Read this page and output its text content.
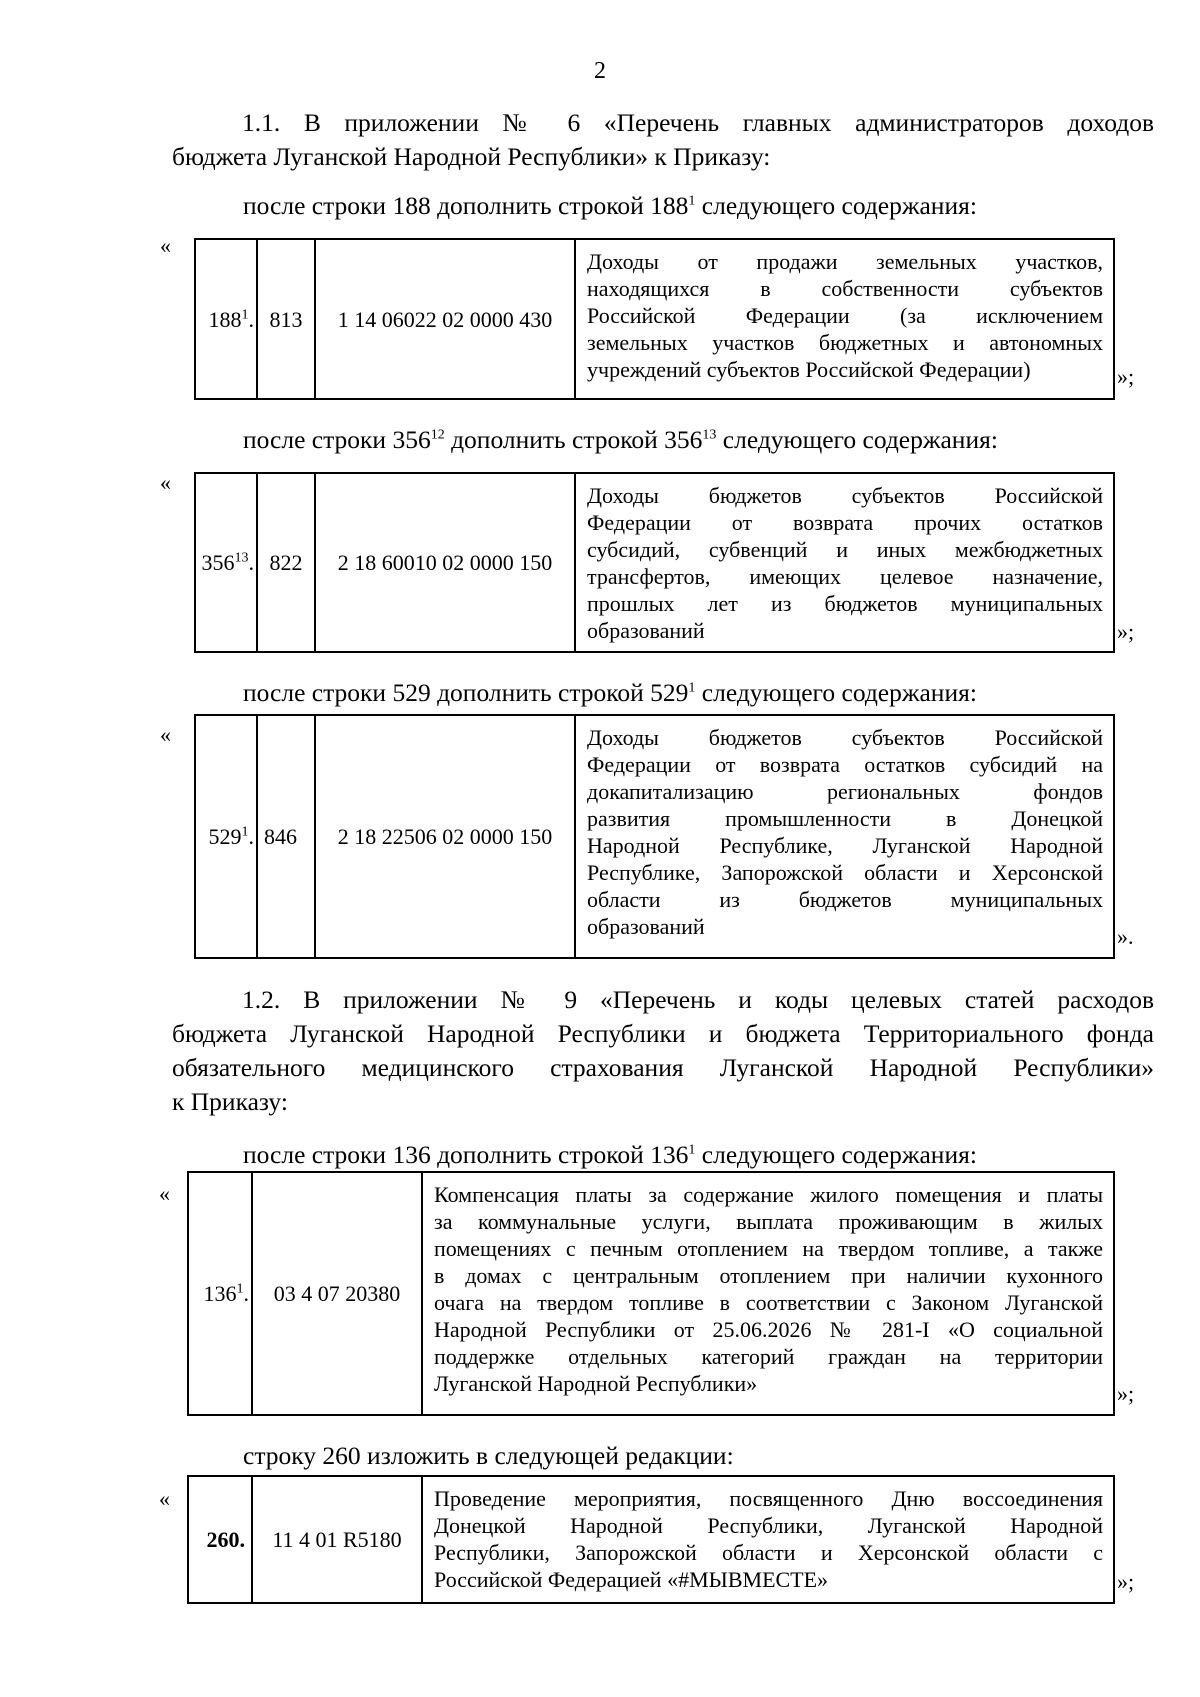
2
1.1. В приложении № 6 «Перечень главных администраторов доходов
бюджета Луганской Народной Республики» к Приказу:
после строки 188 дополнить строкой $188^1$ следующего содержания:
«
$188^1$.	813	1 14 06022 02 0000 430	
Доходы от продажи земельных участков,
находящихся в собственности субъектов
Российской Федерации (за исключением
земельных участков бюджетных и автономных
учреждений субъектов Российской Федерации)	»;
после строки $356^{12}$ дополнить строкой $356^{13}$ следующего содержания:
«
$356^{13}$.	822	2 18 60010 02 0000 150	
Доходы бюджетов субъектов Российской
Федерации от возврата прочих остатков
субсидий, субвенций и иных межбюджетных
трансфертов, имеющих целевое назначение,
прошлых лет из бюджетов муниципальных
образований	»;
после строки 529 дополнить строкой $529^1$ следующего содержания:
«
$529^1$.	846	2 18 22506 02 0000 150	
Доходы бюджетов субъектов Российской
Федерации от возврата остатков субсидий на
докапитализацию региональных фондов
развития промышленности в Донецкой
Народной Республике, Луганской Народной
Республике, Запорожской области и Херсонской
области из бюджетов муниципальных
образований	».
1.2. В приложении № 9 «Перечень и коды целевых статей расходов
бюджета Луганской Народной Республики и бюджета Территориального фонда
обязательного медицинского страхования Луганской Народной Республики»
к Приказу:
после строки 136 дополнить строкой $136^1$ следующего содержания:
«
$136^1$.	03 4 07 20380	
Компенсация платы за содержание жилого помещения и платы
за коммунальные услуги, выплата проживающим в жилых
помещениях с печным отоплением на твердом топливе, а также
в домах с центральным отоплением при наличии кухонного
очага на твердом топливе в соответствии с Законом Луганской
Народной Республики от 25.06.2026 № 281-I «О социальной
поддержке отдельных категорий граждан на территории
Луганской Народной Республики»	»;
строку 260 изложить в следующей редакции:
«
260.	11 4 01 R5180	
Проведение мероприятия, посвященного Дню воссоединения
Донецкой Народной Республики, Луганской Народной
Республики, Запорожской области и Херсонской области с
Российской Федерацией «#МЫВМЕСТЕ»	»;
